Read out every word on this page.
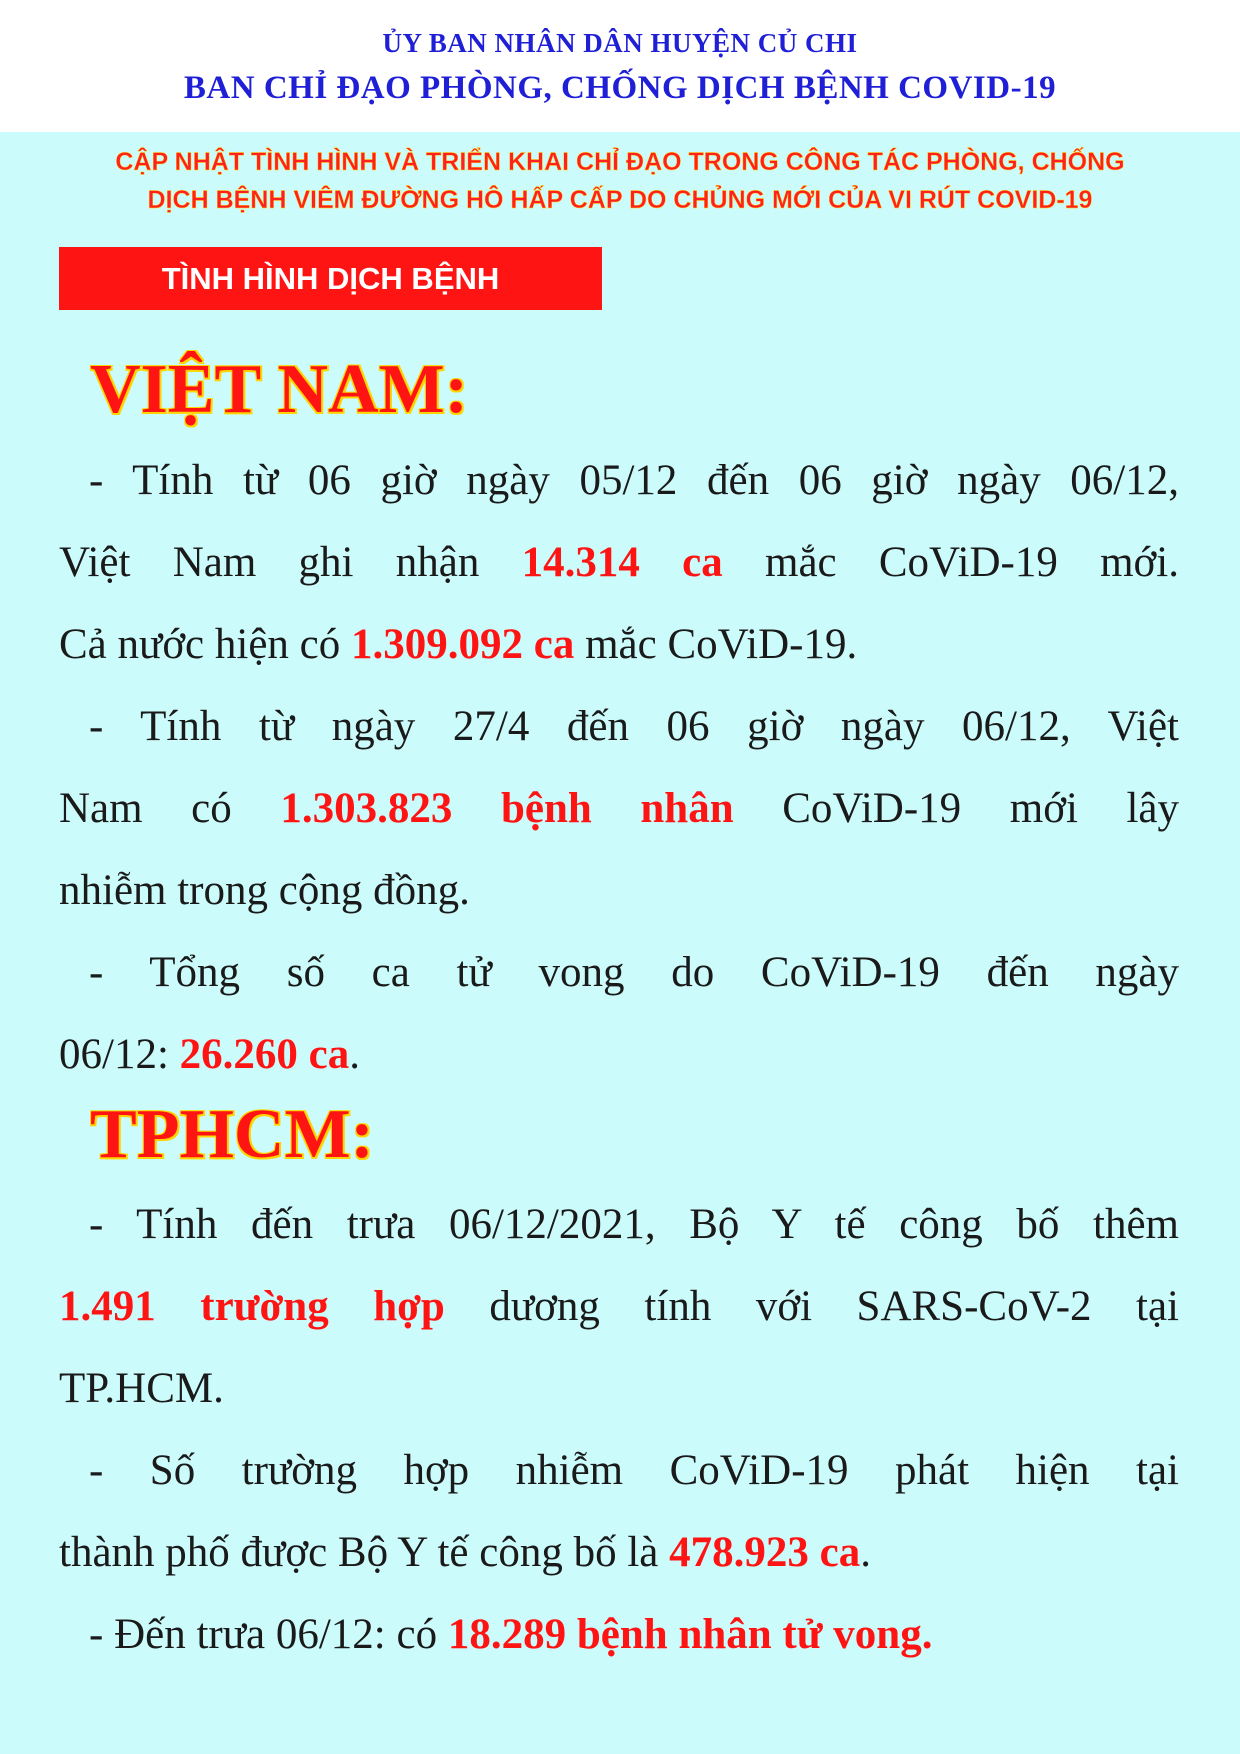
ỦY BAN NHÂN DÂN HUYỆN CỦ CHI
BAN CHỈ ĐẠO PHÒNG, CHỐNG DỊCH BỆNH COVID-19
CẬP NHẬT TÌNH HÌNH VÀ TRIỂN KHAI CHỈ ĐẠO TRONG CÔNG TÁC PHÒNG, CHỐNG
DỊCH BỆNH VIÊM ĐƯỜNG HÔ HẤP CẤP DO CHỦNG MỚI CỦA VI RÚT COVID-19
TÌNH HÌNH DỊCH BỆNH
VIỆT NAM:
- Tính từ 06 giờ ngày 05/12 đến 06 giờ ngày 06/12,
Việt Nam ghi nhận 14.314 ca mắc CoViD-19 mới.
Cả nước hiện có 1.309.092 ca mắc CoViD-19.
- Tính từ ngày 27/4 đến 06 giờ ngày 06/12, Việt
Nam có 1.303.823 bệnh nhân CoViD-19 mới lây
nhiễm trong cộng đồng.
- Tổng số ca tử vong do CoViD-19 đến ngày
06/12: 26.260 ca.
TPHCM:
- Tính đến trưa 06/12/2021, Bộ Y tế công bố thêm
1.491 trường hợp dương tính với SARS-CoV-2 tại
TP.HCM.
- Số trường hợp nhiễm CoViD-19 phát hiện tại
thành phố được Bộ Y tế công bố là 478.923 ca.
- Đến trưa 06/12: có 18.289 bệnh nhân tử vong.
